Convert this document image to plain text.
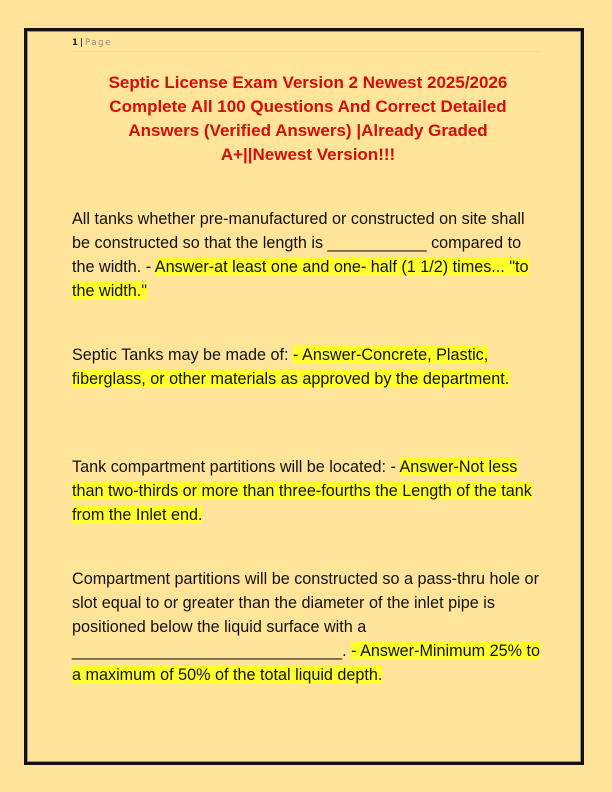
1 | Page
Septic License Exam Version 2 Newest 2025/2026
Complete All 100 Questions And Correct Detailed
Answers (Verified Answers) |Already Graded
A+||Newest Version!!!
All tanks whether pre-manufactured or constructed on site shall be constructed so that the length is ___________ compared to the width. - Answer-at least one and one- half (1 1/2) times... "to the width."
Septic Tanks may be made of: - Answer-Concrete, Plastic, fiberglass, or other materials as approved by the department.
Tank compartment partitions will be located: - Answer-Not less than two-thirds or more than three-fourths the Length of the tank from the Inlet end.
Compartment partitions will be constructed so a pass-thru hole or slot equal to or greater than the diameter of the inlet pipe is positioned below the liquid surface with a ______________________________. - Answer-Minimum 25% to a maximum of 50% of the total liquid depth.
